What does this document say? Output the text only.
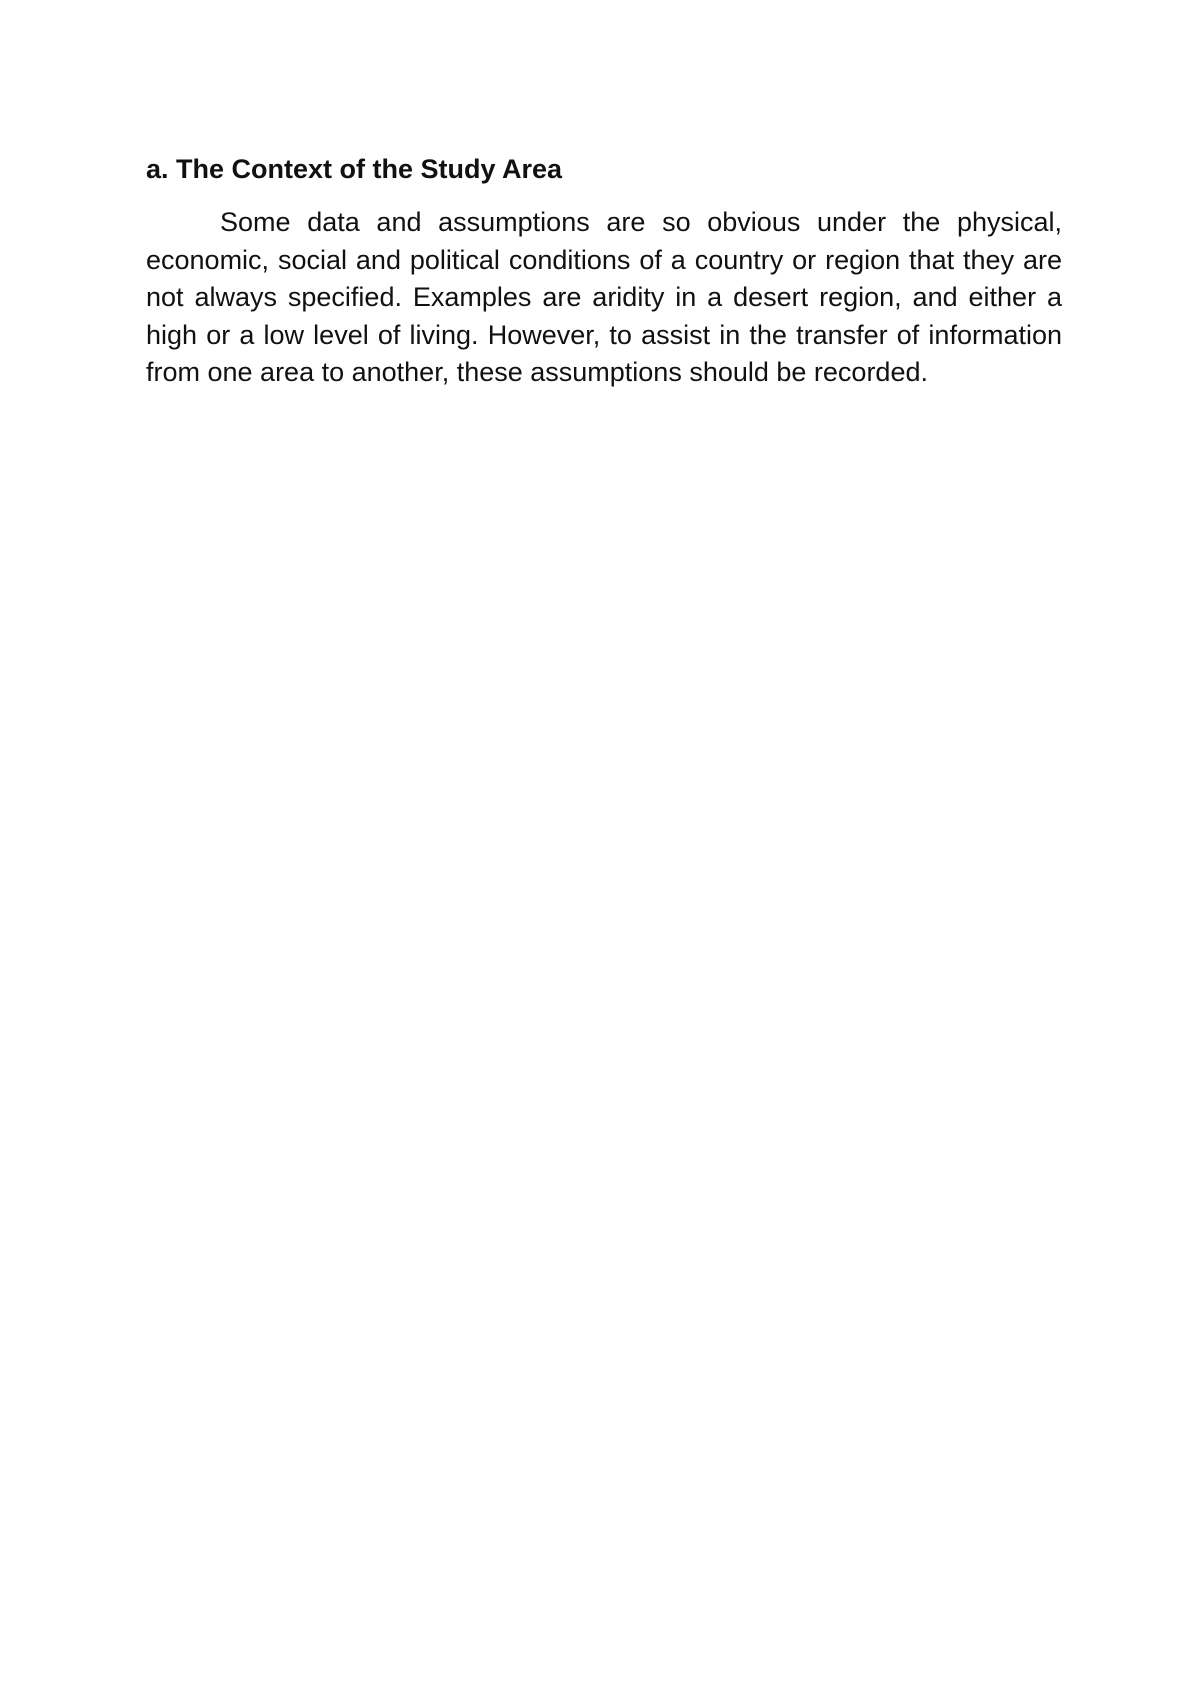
a. The Context of the Study Area

Some data and assumptions are so obvious under the physical, economic, social and political conditions of a country or region that they are not always specified. Examples are aridity in a desert region, and either a high or a low level of living. However, to assist in the transfer of information from one area to another, these assumptions should be recorded.
